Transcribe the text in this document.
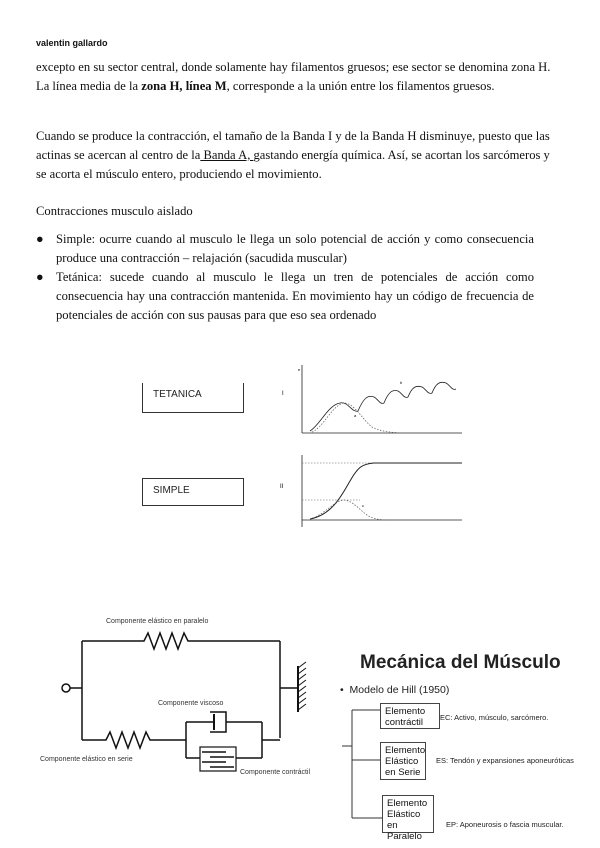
valentin gallardo

excepto en su sector central, donde solamente hay filamentos gruesos; ese sector se denomina zona H. La línea media de la zona H, línea M, corresponde a la unión entre los filamentos gruesos.

Cuando se produce la contracción, el tamaño de la Banda I y de la Banda H disminuye, puesto que las actinas se acercan al centro de la Banda A, gastando energía química. Así, se acortan los sarcómeros y se acorta el músculo entero, produciendo el movimiento.

Contracciones musculo aislado
● Simple: ocurre cuando al musculo le llega un solo potencial de acción y como consecuencia produce una contracción – relajación (sacudida muscular)
● Tetánica: sucede cuando al musculo le llega un tren de potenciales de acción como consecuencia hay una contracción mantenida. En movimiento hay un código de frecuencia de potenciales de acción con sus pausas para que eso sea ordenado
I
e
a
b
II
c
TETANICA
SIMPLE
Componente elástico en paralelo
Componente elástico en serie
Componente viscoso
Componente contráctil
Mecánica del Músculo
• Modelo de Hill (1950)
Elemento contráctil	EC: Activo, músculo, sarcómero.
Elemento Elástico en Serie
ES: Tendón y expansiones aponeuróticas
Elemento Elástico en Paralelo
EP: Aponeurosis o fascia muscular.
